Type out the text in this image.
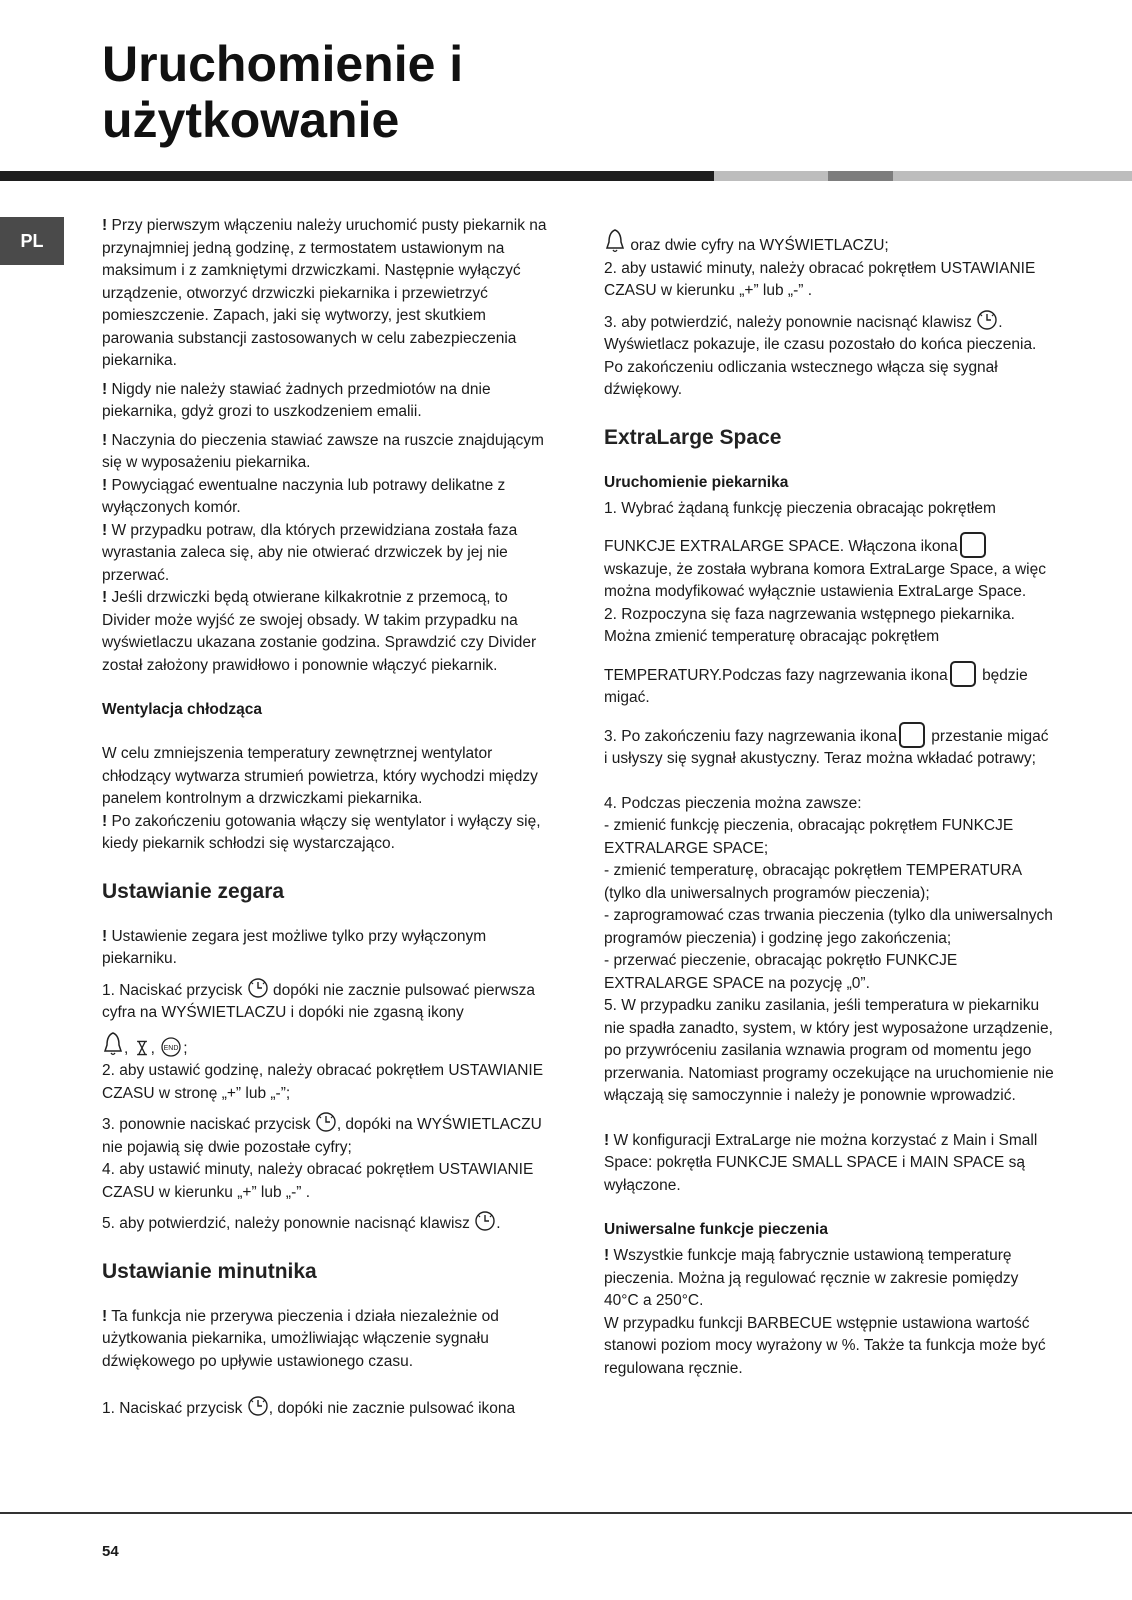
Uruchomienie i
użytkowanie
PL

! Przy pierwszym włączeniu należy uruchomić pusty piekarnik na przynajmniej jedną godzinę, z termostatem ustawionym na maksimum i z zamkniętymi drzwiczkami. Następnie wyłączyć urządzenie, otworzyć drzwiczki piekarnika i przewietrzyć pomieszczenie. Zapach, jaki się wytworzy, jest skutkiem parowania substancji zastosowanych w celu zabezpieczenia piekarnika.

! Nigdy nie należy stawiać żadnych przedmiotów na dnie piekarnika, gdyż grozi to uszkodzeniem emalii.

! Naczynia do pieczenia stawiać zawsze na ruszcie znajdującym się w wyposażeniu piekarnika.

! Powyciągać ewentualne naczynia lub potrawy delikatne z wyłączonych komór.

! W przypadku potraw, dla których przewidziana została faza wyrastania zaleca się, aby nie otwierać drzwiczek by jej nie przerwać.

! Jeśli drzwiczki będą otwierane kilkakrotnie z przemocą, to Divider może wyjść ze swojej obsady. W takim przypadku na wyświetlaczu ukazana zostanie godzina. Sprawdzić czy Divider został założony prawidłowo i ponownie włączyć piekarnik.

Wentylacja chłodząca

W celu zmniejszenia temperatury zewnętrznej wentylator chłodzący wytwarza strumień powietrza, który wychodzi między panelem kontrolnym a drzwiczkami piekarnika.

! Po zakończeniu gotowania włączy się wentylator i wyłączy się, kiedy piekarnik schłodzi się wystarczająco.

Ustawianie zegara

! Ustawienie zegara jest możliwe tylko przy wyłączonym piekarniku.

1. Naciskać przycisk dopóki nie zacznie pulsować pierwsza cyfra na WYŚWIETLACZU i dopóki nie zgasną ikony

, , END ;

2. aby ustawić godzinę, należy obracać pokrętłem USTAWIANIE CZASU w stronę „+” lub „-”;

3. ponownie naciskać przycisk , dopóki na WYŚWIETLACZU nie pojawią się dwie pozostałe cyfry;

4. aby ustawić minuty, należy obracać pokrętłem USTAWIANIE CZASU w kierunku „+” lub „-” .

5. aby potwierdzić, należy ponownie nacisnąć klawisz .

Ustawianie minutnika

! Ta funkcja nie przerywa pieczenia i działa niezależnie od użytkowania piekarnika, umożliwiając włączenie sygnału dźwiękowego po upływie ustawionego czasu.

1. Naciskać przycisk , dopóki nie zacznie pulsować ikona

oraz dwie cyfry na WYŚWIETLACZU;

2. aby ustawić minuty, należy obracać pokrętłem USTAWIANIE CZASU w kierunku „+” lub „-” .

3. aby potwierdzić, należy ponownie nacisnąć klawisz . Wyświetlacz pokazuje, ile czasu pozostało do końca pieczenia. Po zakończeniu odliczania wstecznego włącza się sygnał dźwiękowy.

ExtraLarge Space
Uruchomienie piekarnika

1. Wybrać żądaną funkcję pieczenia obracając pokrętłem

FUNKCJE EXTRALARGE SPACE. Włączona ikona wskazuje, że została wybrana komora ExtraLarge Space, a więc można modyfikować wyłącznie ustawienia ExtraLarge Space.

2. Rozpoczyna się faza nagrzewania wstępnego piekarnika. Można zmienić temperaturę obracając pokrętłem

TEMPERATURY.Podczas fazy nagrzewania ikona będzie migać.

3. Po zakończeniu fazy nagrzewania ikona przestanie migać i usłyszy się sygnał akustyczny. Teraz można wkładać potrawy;

4. Podczas pieczenia można zawsze:

- zmienić funkcję pieczenia, obracając pokrętłem FUNKCJE EXTRALARGE SPACE;

- zmienić temperaturę, obracając pokrętłem TEMPERATURA (tylko dla uniwersalnych programów pieczenia);

- zaprogramować czas trwania pieczenia (tylko dla uniwersalnych programów pieczenia) i godzinę jego zakończenia;

- przerwać pieczenie, obracając pokrętło FUNKCJE EXTRALARGE SPACE na pozycję „0”.

5. W przypadku zaniku zasilania, jeśli temperatura w piekarniku nie spadła zanadto, system, w który jest wyposażone urządzenie, po przywróceniu zasilania wznawia program od momentu jego przerwania. Natomiast programy oczekujące na uruchomienie nie włączają się samoczynnie i należy je ponownie wprowadzić.

! W konfiguracji ExtraLarge nie można korzystać z Main i Small Space: pokrętła FUNKCJE SMALL SPACE i MAIN SPACE są wyłączone.

Uniwersalne funkcje pieczenia

! Wszystkie funkcje mają fabrycznie ustawioną temperaturę pieczenia. Można ją regulować ręcznie w zakresie pomiędzy 40°C a 250°C.

W przypadku funkcji BARBECUE wstępnie ustawiona wartość stanowi poziom mocy wyrażony w %. Także ta funkcja może być regulowana ręcznie.

54
